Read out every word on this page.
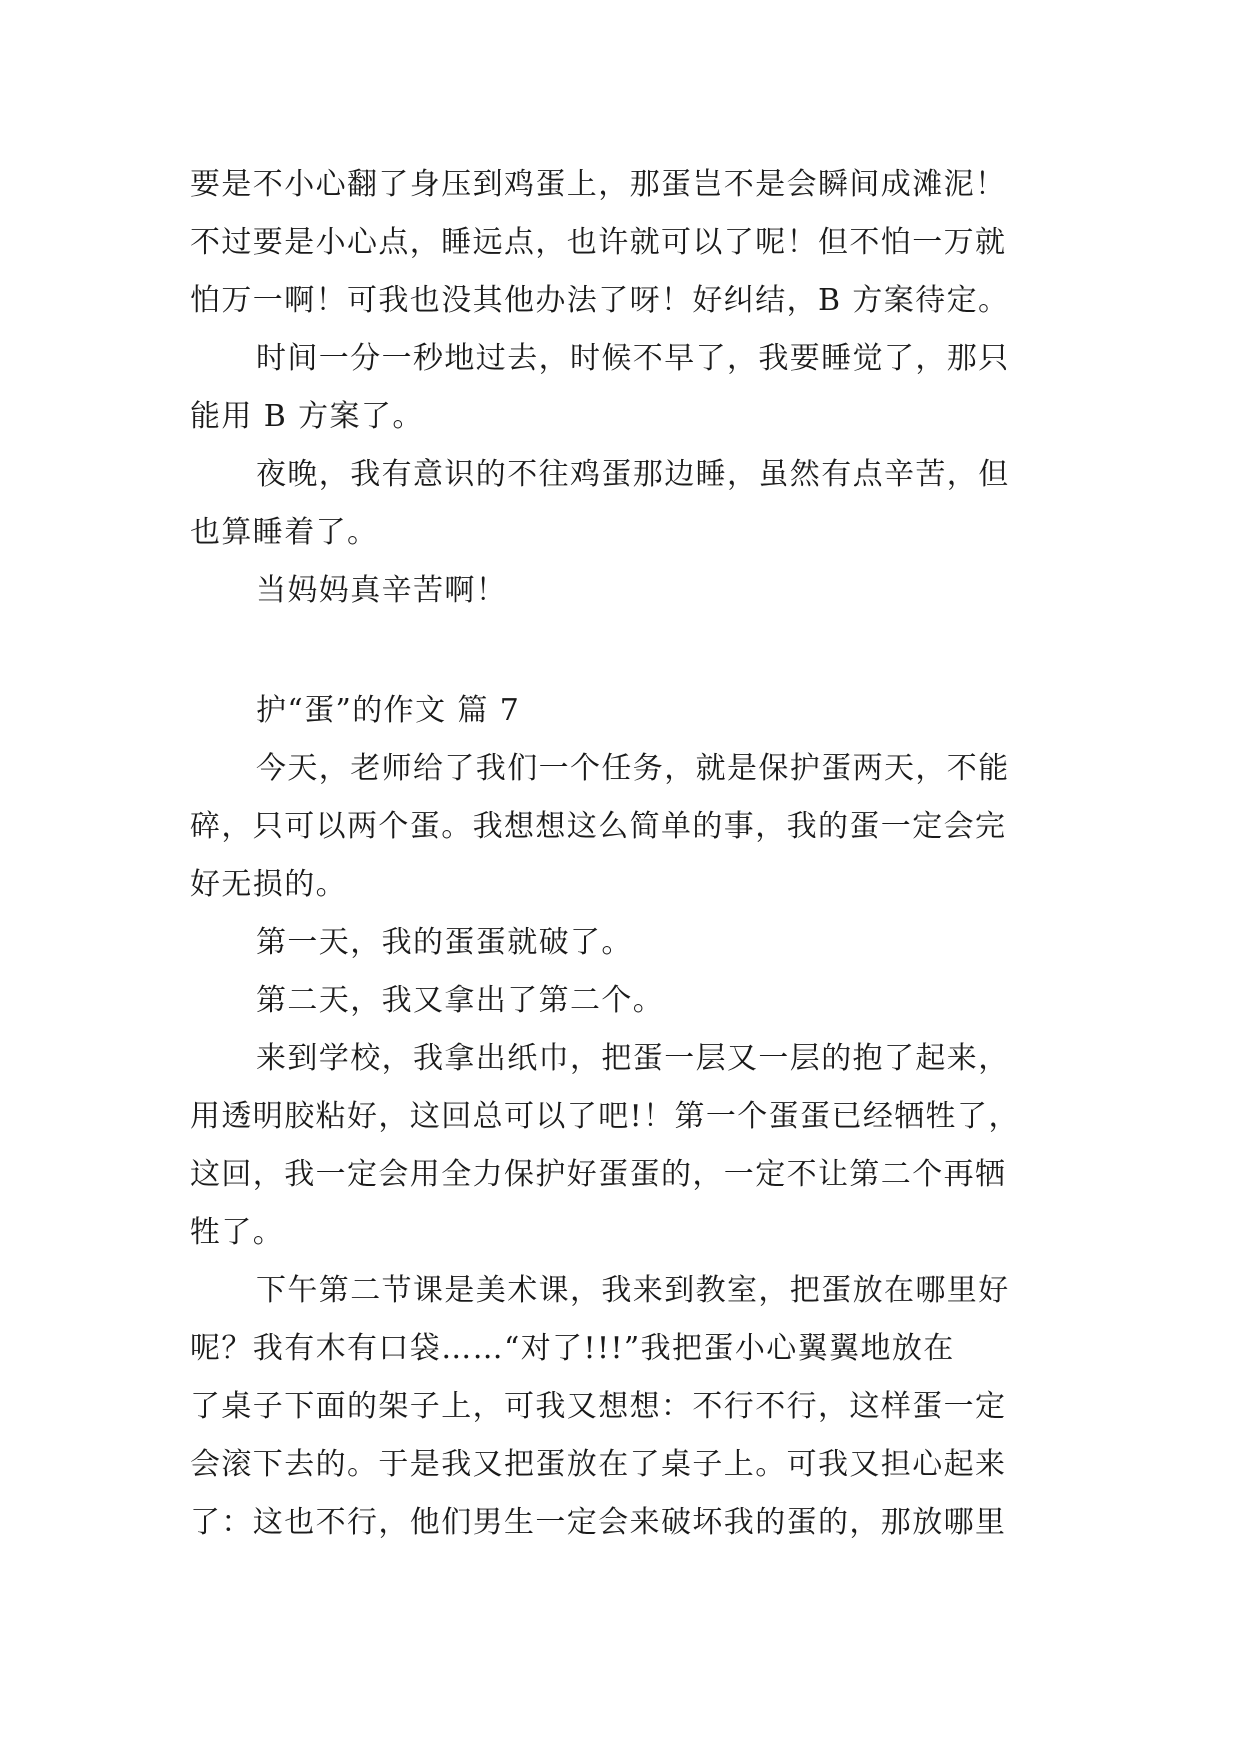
要是不小心翻了身压到鸡蛋上，那蛋岂不是会瞬间成滩泥！
不过要是小心点，睡远点，也许就可以了呢！但不怕一万就
怕万一啊！可我也没其他办法了呀！好纠结，B 方案待定。
时间一分一秒地过去，时候不早了，我要睡觉了，那只
能用 B 方案了。
夜晚，我有意识的不往鸡蛋那边睡，虽然有点辛苦，但
也算睡着了。
当妈妈真辛苦啊！
护“蛋”的作文 篇 7
今天，老师给了我们一个任务，就是保护蛋两天，不能
碎，只可以两个蛋。我想想这么简单的事，我的蛋一定会完
好无损的。
第一天，我的蛋蛋就破了。
第二天，我又拿出了第二个。
来到学校，我拿出纸巾，把蛋一层又一层的抱了起来，
用透明胶粘好，这回总可以了吧!！第一个蛋蛋已经牺牲了，
这回，我一定会用全力保护好蛋蛋的，一定不让第二个再牺
牲了。
下午第二节课是美术课，我来到教室，把蛋放在哪里好
呢？我有木有口袋……“对了!!!”我把蛋小心翼翼地放在
了桌子下面的架子上，可我又想想：不行不行，这样蛋一定
会滚下去的。于是我又把蛋放在了桌子上。可我又担心起来
了：这也不行，他们男生一定会来破坏我的蛋的，那放哪里
